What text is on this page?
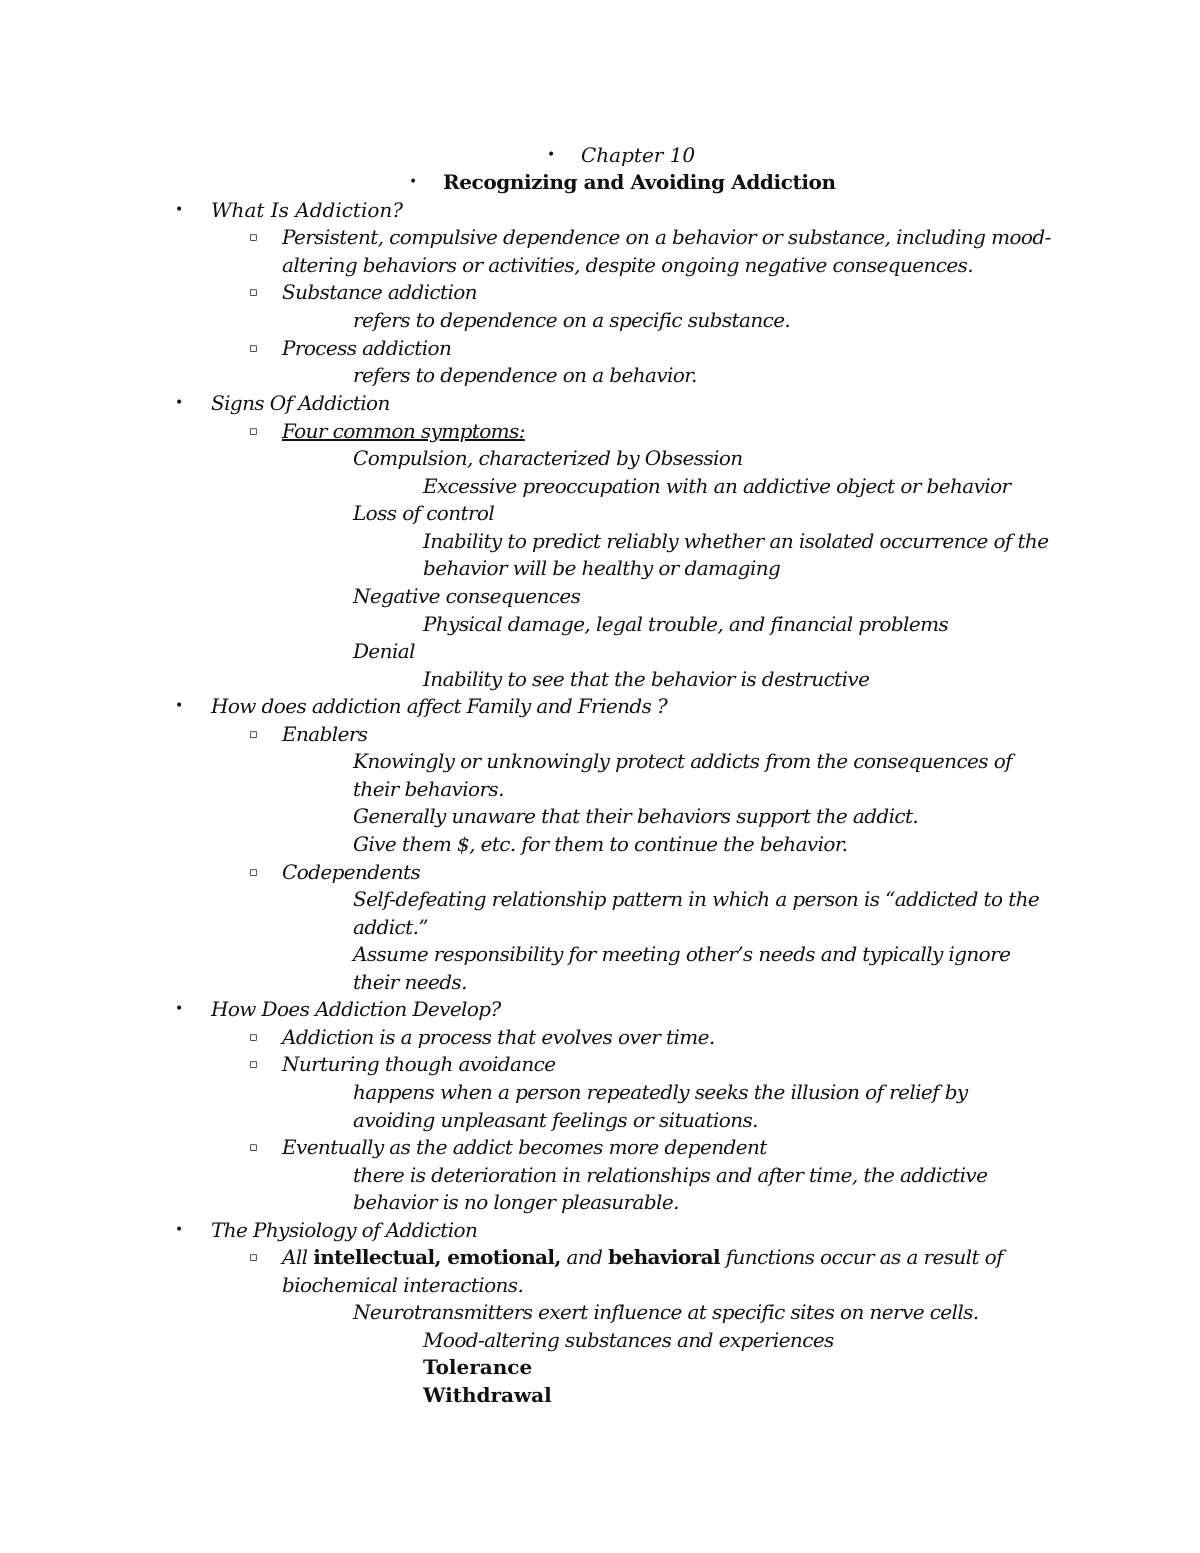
• Chapter 10
• Recognizing and Avoiding Addiction
• What Is Addiction?
▫ Persistent, compulsive dependence on a behavior or substance, including mood-
altering behaviors or activities, despite ongoing negative consequences.
▫ Substance addiction
refers to dependence on a specific substance.
▫ Process addiction
refers to dependence on a behavior.
• Signs Of Addiction
▫ Four common symptoms:
Compulsion, characterized by Obsession
Excessive preoccupation with an addictive object or behavior
Loss of control
Inability to predict reliably whether an isolated occurrence of the
behavior will be healthy or damaging
Negative consequences
Physical damage, legal trouble, and financial problems
Denial
Inability to see that the behavior is destructive
• How does addiction affect Family and Friends ?
▫ Enablers
Knowingly or unknowingly protect addicts from the consequences of
their behaviors.
Generally unaware that their behaviors support the addict.
Give them $, etc. for them to continue the behavior.
▫ Codependents
Self-defeating relationship pattern in which a person is “addicted to the
addict.”
Assume responsibility for meeting other’s needs and typically ignore
their needs.
• How Does Addiction Develop?
▫ Addiction is a process that evolves over time.
▫ Nurturing though avoidance
happens when a person repeatedly seeks the illusion of relief by
avoiding unpleasant feelings or situations.
▫ Eventually as the addict becomes more dependent
there is deterioration in relationships and after time, the addictive
behavior is no longer pleasurable.
• The Physiology of Addiction
▫ All intellectual, emotional, and behavioral functions occur as a result of
biochemical interactions.
Neurotransmitters exert influence at specific sites on nerve cells.
Mood-altering substances and experiences
Tolerance
Withdrawal
